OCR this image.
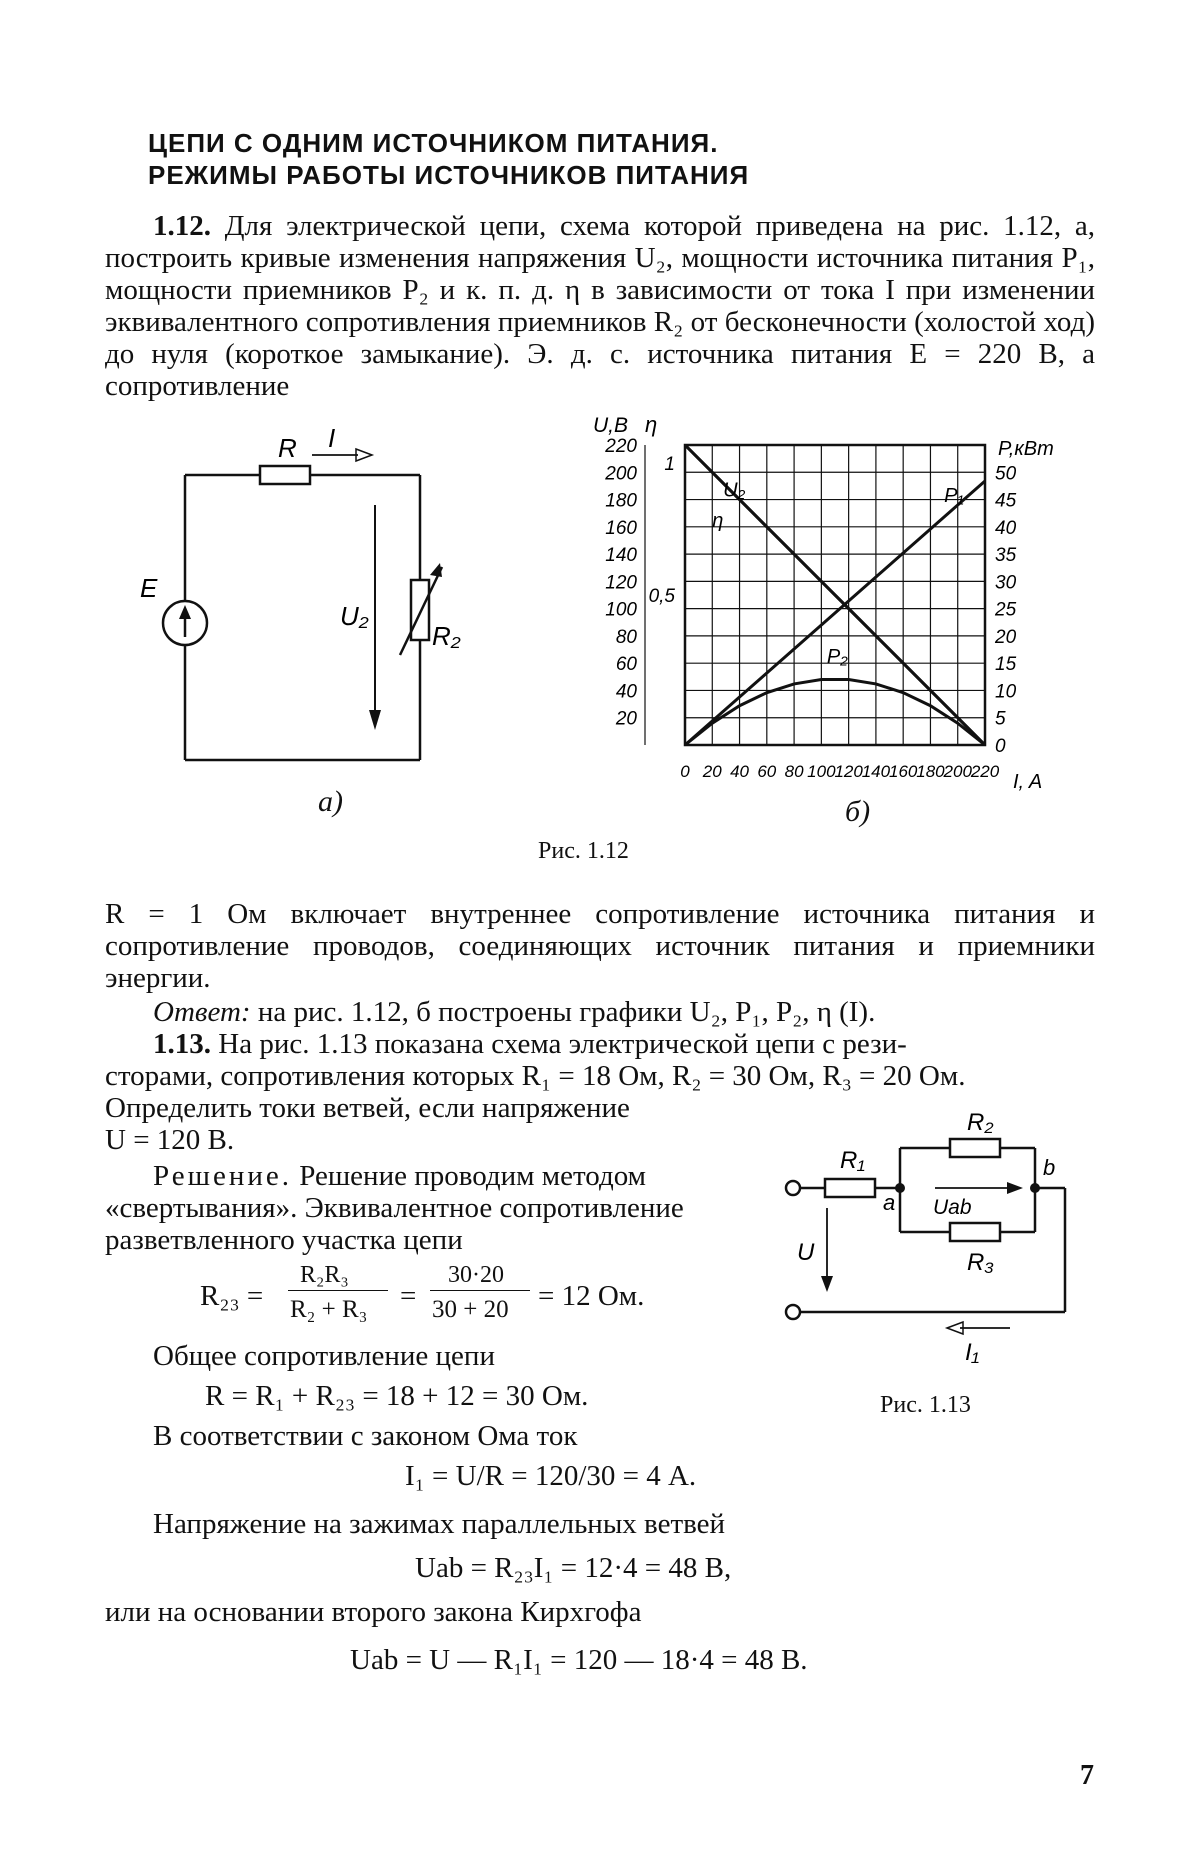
ЦЕПИ С ОДНИМ ИСТОЧНИКОМ ПИТАНИЯ.
РЕЖИМЫ РАБОТЫ ИСТОЧНИКОВ ПИТАНИЯ
1.12. Для электрической цепи, схема которой приведена на рис. 1.12, а, построить кривые изменения напряжения U₂, мощности источника питания P₁, мощности приемников P₂ и к. п. д. η в зависимости от тока I при изменении эквивалентного сопротивления приемников R₂ от бесконечности (холостой ход) до нуля (короткое замыкание). Э. д. с. источника питания E = 220 В, а сопротивление
R I
E
U₂
R₂
а)
220
200
180
160
140
120
100
80
60
40
20
1
0,5
50
45
40
35
30
25
20
15
10
5
0
0 20 40 60 80 100
120
140
160
180
200
220
U₂
η
P₁
P₂
U,В η
P,кВт
I, A
б)
Рис. 1.12
R = 1 Ом включает внутреннее сопротивление источника питания и сопротивление проводов, соединяющих источник питания и приемники энергии.
Ответ: на рис. 1.12, б построены графики U₂, P₁, P₂, η (I).
1.13. На рис. 1.13 показана схема электрической цепи с рези-
сторами, сопротивления которых R₁ = 18 Ом, R₂ = 30 Ом, R₃ = 20 Ом.
Определить токи ветвей, если напряжение
U = 120 В.
Решение. Решение проводим методом
«свертывания». Эквивалентное сопротивление
разветвленного участка цепи
R₂₃ =
R₂R₃
R₂ + R₃ =
30·20
30 + 20 = 12 Ом.
Общее сопротивление цепи
R = R₁ + R₂₃ = 18 + 12 = 30 Ом.
В соответствии с законом Ома ток
I₁ = U/R = 120/30 = 4 А.
Напряжение на зажимах параллельных ветвей
Uab = R₂₃I₁ = 12·4 = 48 В,
или на основании второго закона Кирхгофа
Uab = U — R₁I₁ = 120 — 18·4 = 48 В.
R₁
R₂
R₃
a
b
Uab
U
I₁
Рис. 1.13
7
